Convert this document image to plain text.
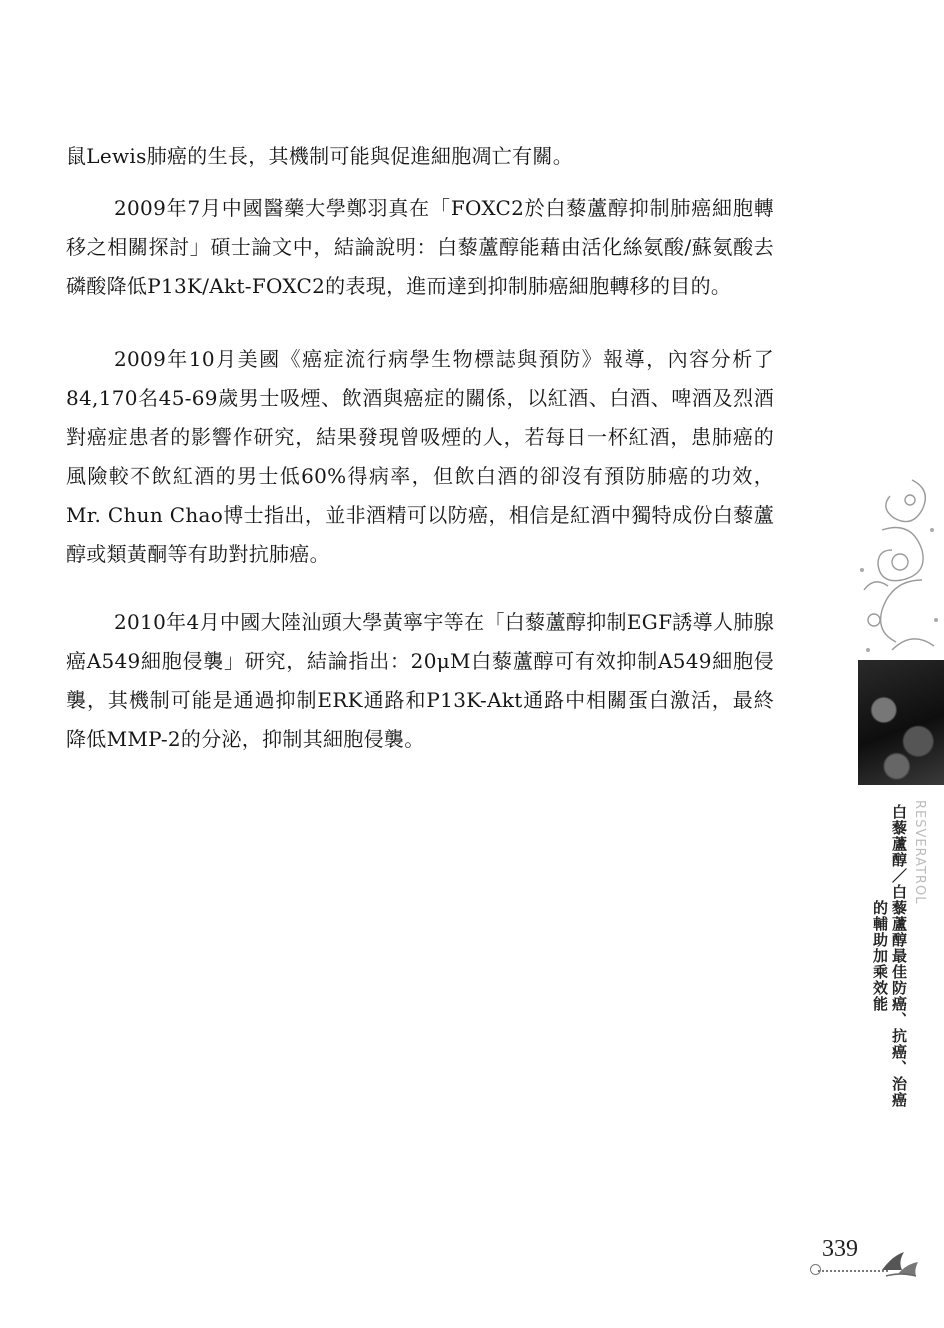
鼠Lewis肺癌的生長，其機制可能與促進細胞凋亡有關。
2009年7月中國醫藥大學鄭羽真在「FOXC2於白藜蘆醇抑制肺癌細胞轉移之相關探討」碩士論文中，結論說明：白藜蘆醇能藉由活化絲氨酸/蘇氨酸去磷酸降低P13K/Akt-FOXC2的表現，進而達到抑制肺癌細胞轉移的目的。
2009年10月美國《癌症流行病學生物標誌與預防》報導，內容分析了84,170名45-69歲男士吸煙、飲酒與癌症的關係，以紅酒、白酒、啤酒及烈酒對癌症患者的影響作研究，結果發現曾吸煙的人，若每日一杯紅酒，患肺癌的風險較不飲紅酒的男士低60%得病率，但飲白酒的卻沒有預防肺癌的功效，Mr. Chun Chao博士指出，並非酒精可以防癌，相信是紅酒中獨特成份白藜蘆醇或類黃酮等有助對抗肺癌。
2010年4月中國大陸汕頭大學黃寧宇等在「白藜蘆醇抑制EGF誘導人肺腺癌A549細胞侵襲」研究，結論指出：20μM白藜蘆醇可有效抑制A549細胞侵襲，其機制可能是通過抑制ERK通路和P13K-Akt通路中相關蛋白激活，最終降低MMP-2的分泌，抑制其細胞侵襲。
白藜蘆醇／白藜蘆醇最佳防癌、抗癌、治癌
的輔助加乘效能
RESVERATROL
339
